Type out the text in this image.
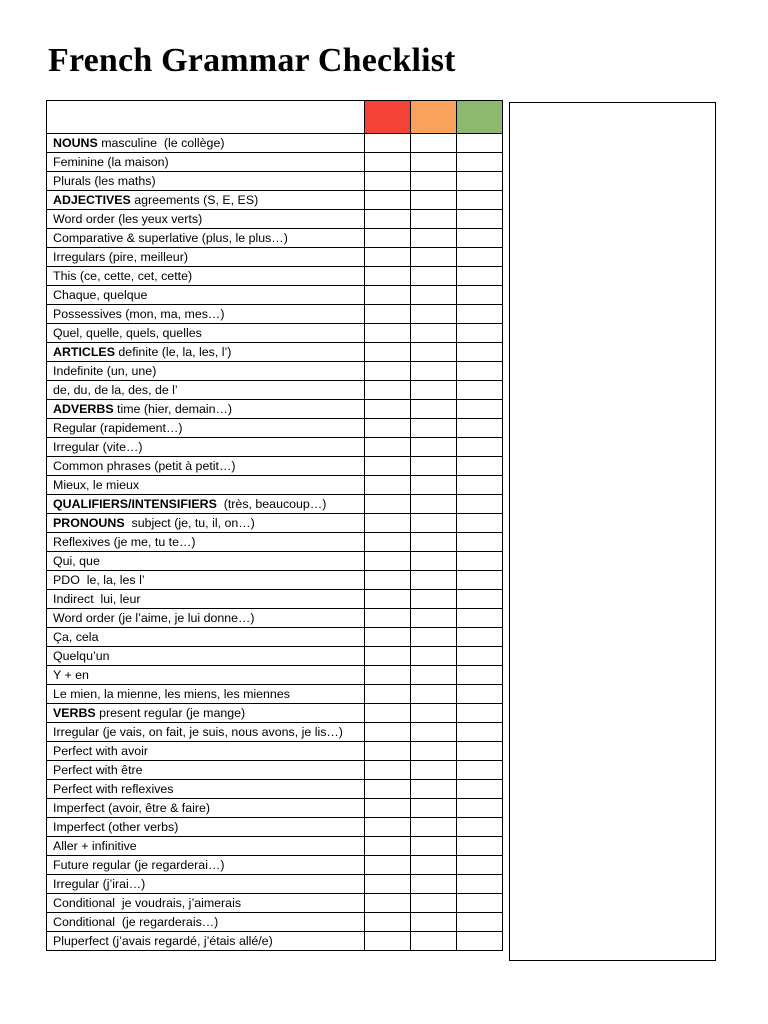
French Grammar Checklist

NOUNS masculine  (le collège)			
Feminine (la maison)			
Plurals (les maths)			
ADJECTIVES agreements (S, E, ES)			
Word order (les yeux verts)			
Comparative & superlative (plus, le plus…)			
Irregulars (pire, meilleur)			
This (ce, cette, cet, cette)			
Chaque, quelque			
Possessives (mon, ma, mes…)			
Quel, quelle, quels, quelles			
ARTICLES definite (le, la, les, l’)			
Indefinite (un, une)			
de, du, de la, des, de l’			
ADVERBS time (hier, demain…)			
Regular (rapidement…)			
Irregular (vite…)			
Common phrases (petit à petit…)			
Mieux, le mieux			
QUALIFIERS/INTENSIFIERS  (très, beaucoup…)			
PRONOUNS  subject (je, tu, il, on…)			
Reflexives (je me, tu te…)			
Qui, que			
PDO  le, la, les l’			
Indirect  lui, leur			
Word order (je l’aime, je lui donne…)			
Ça, cela			
Quelqu’un			
Y + en			
Le mien, la mienne, les miens, les miennes			
VERBS present regular (je mange)			
Irregular (je vais, on fait, je suis, nous avons, je lis…)			
Perfect with avoir			
Perfect with être			
Perfect with reflexives			
Imperfect (avoir, être & faire)			
Imperfect (other verbs)			
Aller + infinitive			
Future regular (je regarderai…)			
Irregular (j’irai…)			
Conditional  je voudrais, j’aimerais			
Conditional  (je regarderais…)			
Pluperfect (j’avais regardé, j’étais allé/e)			
